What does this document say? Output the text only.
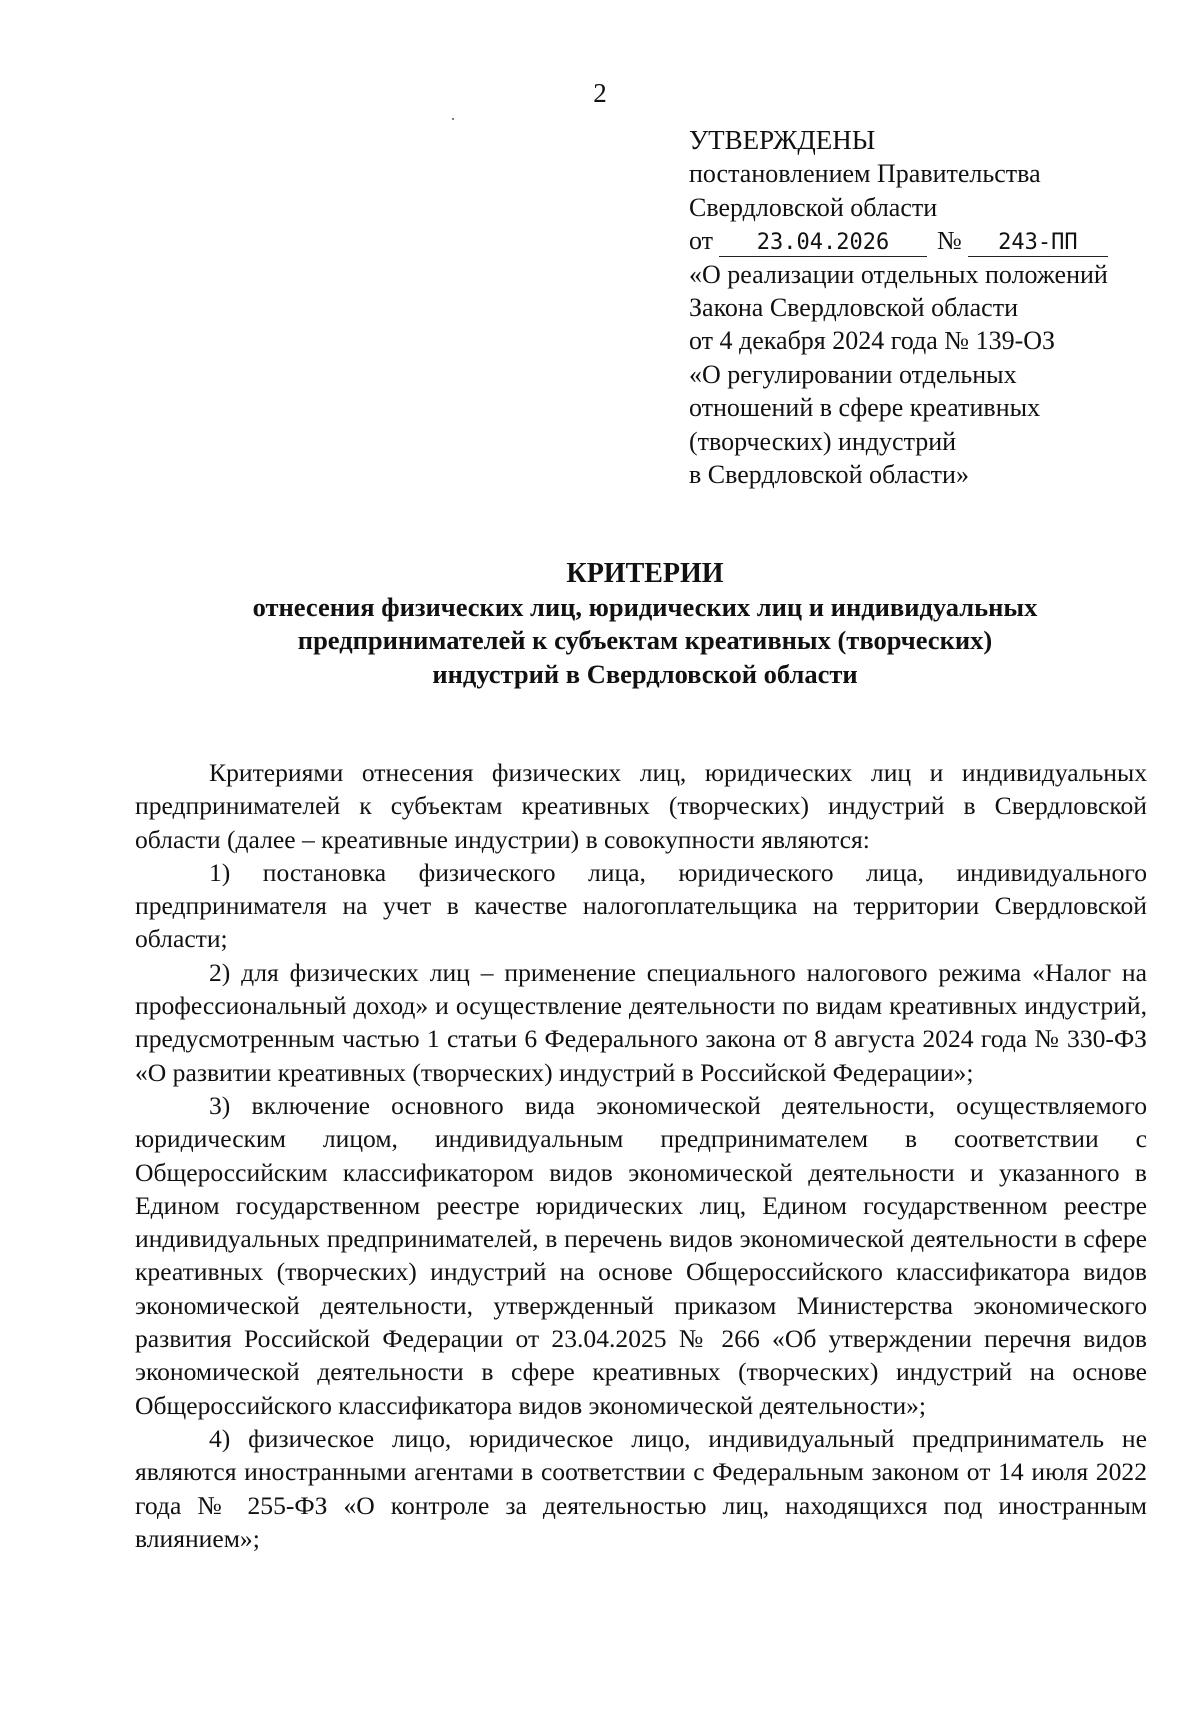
2
УТВЕРЖДЕНЫ
постановлением Правительства
Свердловской области
от 23.04.2026 № 243-ПП
«О реализации отдельных положений
Закона Свердловской области
от 4 декабря 2024 года № 139-ОЗ
«О регулировании отдельных
отношений в сфере креативных
(творческих) индустрий
в Свердловской области»
КРИТЕРИИ
отнесения физических лиц, юридических лиц и индивидуальных
предпринимателей к субъектам креативных (творческих)
индустрий в Свердловской области

Критериями отнесения физических лиц, юридических лиц и индивидуальных предпринимателей к субъектам креативных (творческих) индустрий в Свердловской области (далее – креативные индустрии) в совокупности являются:

1) постановка физического лица, юридического лица, индивидуального предпринимателя на учет в качестве налогоплательщика на территории Свердловской области;

2) для физических лиц – применение специального налогового режима «Налог на профессиональный доход» и осуществление деятельности по видам креативных индустрий, предусмотренным частью 1 статьи 6 Федерального закона от 8 августа 2024 года № 330-ФЗ «О развитии креативных (творческих) индустрий в Российской Федерации»;

3) включение основного вида экономической деятельности, осуществляемого юридическим лицом, индивидуальным предпринимателем в соответствии с Общероссийским классификатором видов экономической деятельности и указанного в Едином государственном реестре юридических лиц, Едином государственном реестре индивидуальных предпринимателей, в перечень видов экономической деятельности в сфере креативных (творческих) индустрий на основе Общероссийского классификатора видов экономической деятельности, утвержденный приказом Министерства экономического развития Российской Федерации от 23.04.2025 № 266 «Об утверждении перечня видов экономической деятельности в сфере креативных (творческих) индустрий на основе Общероссийского классификатора видов экономической деятельности»;

4) физическое лицо, юридическое лицо, индивидуальный предприниматель не являются иностранными агентами в соответствии с Федеральным законом от 14 июля 2022 года № 255-ФЗ «О контроле за деятельностью лиц, находящихся под иностранным влиянием»;
